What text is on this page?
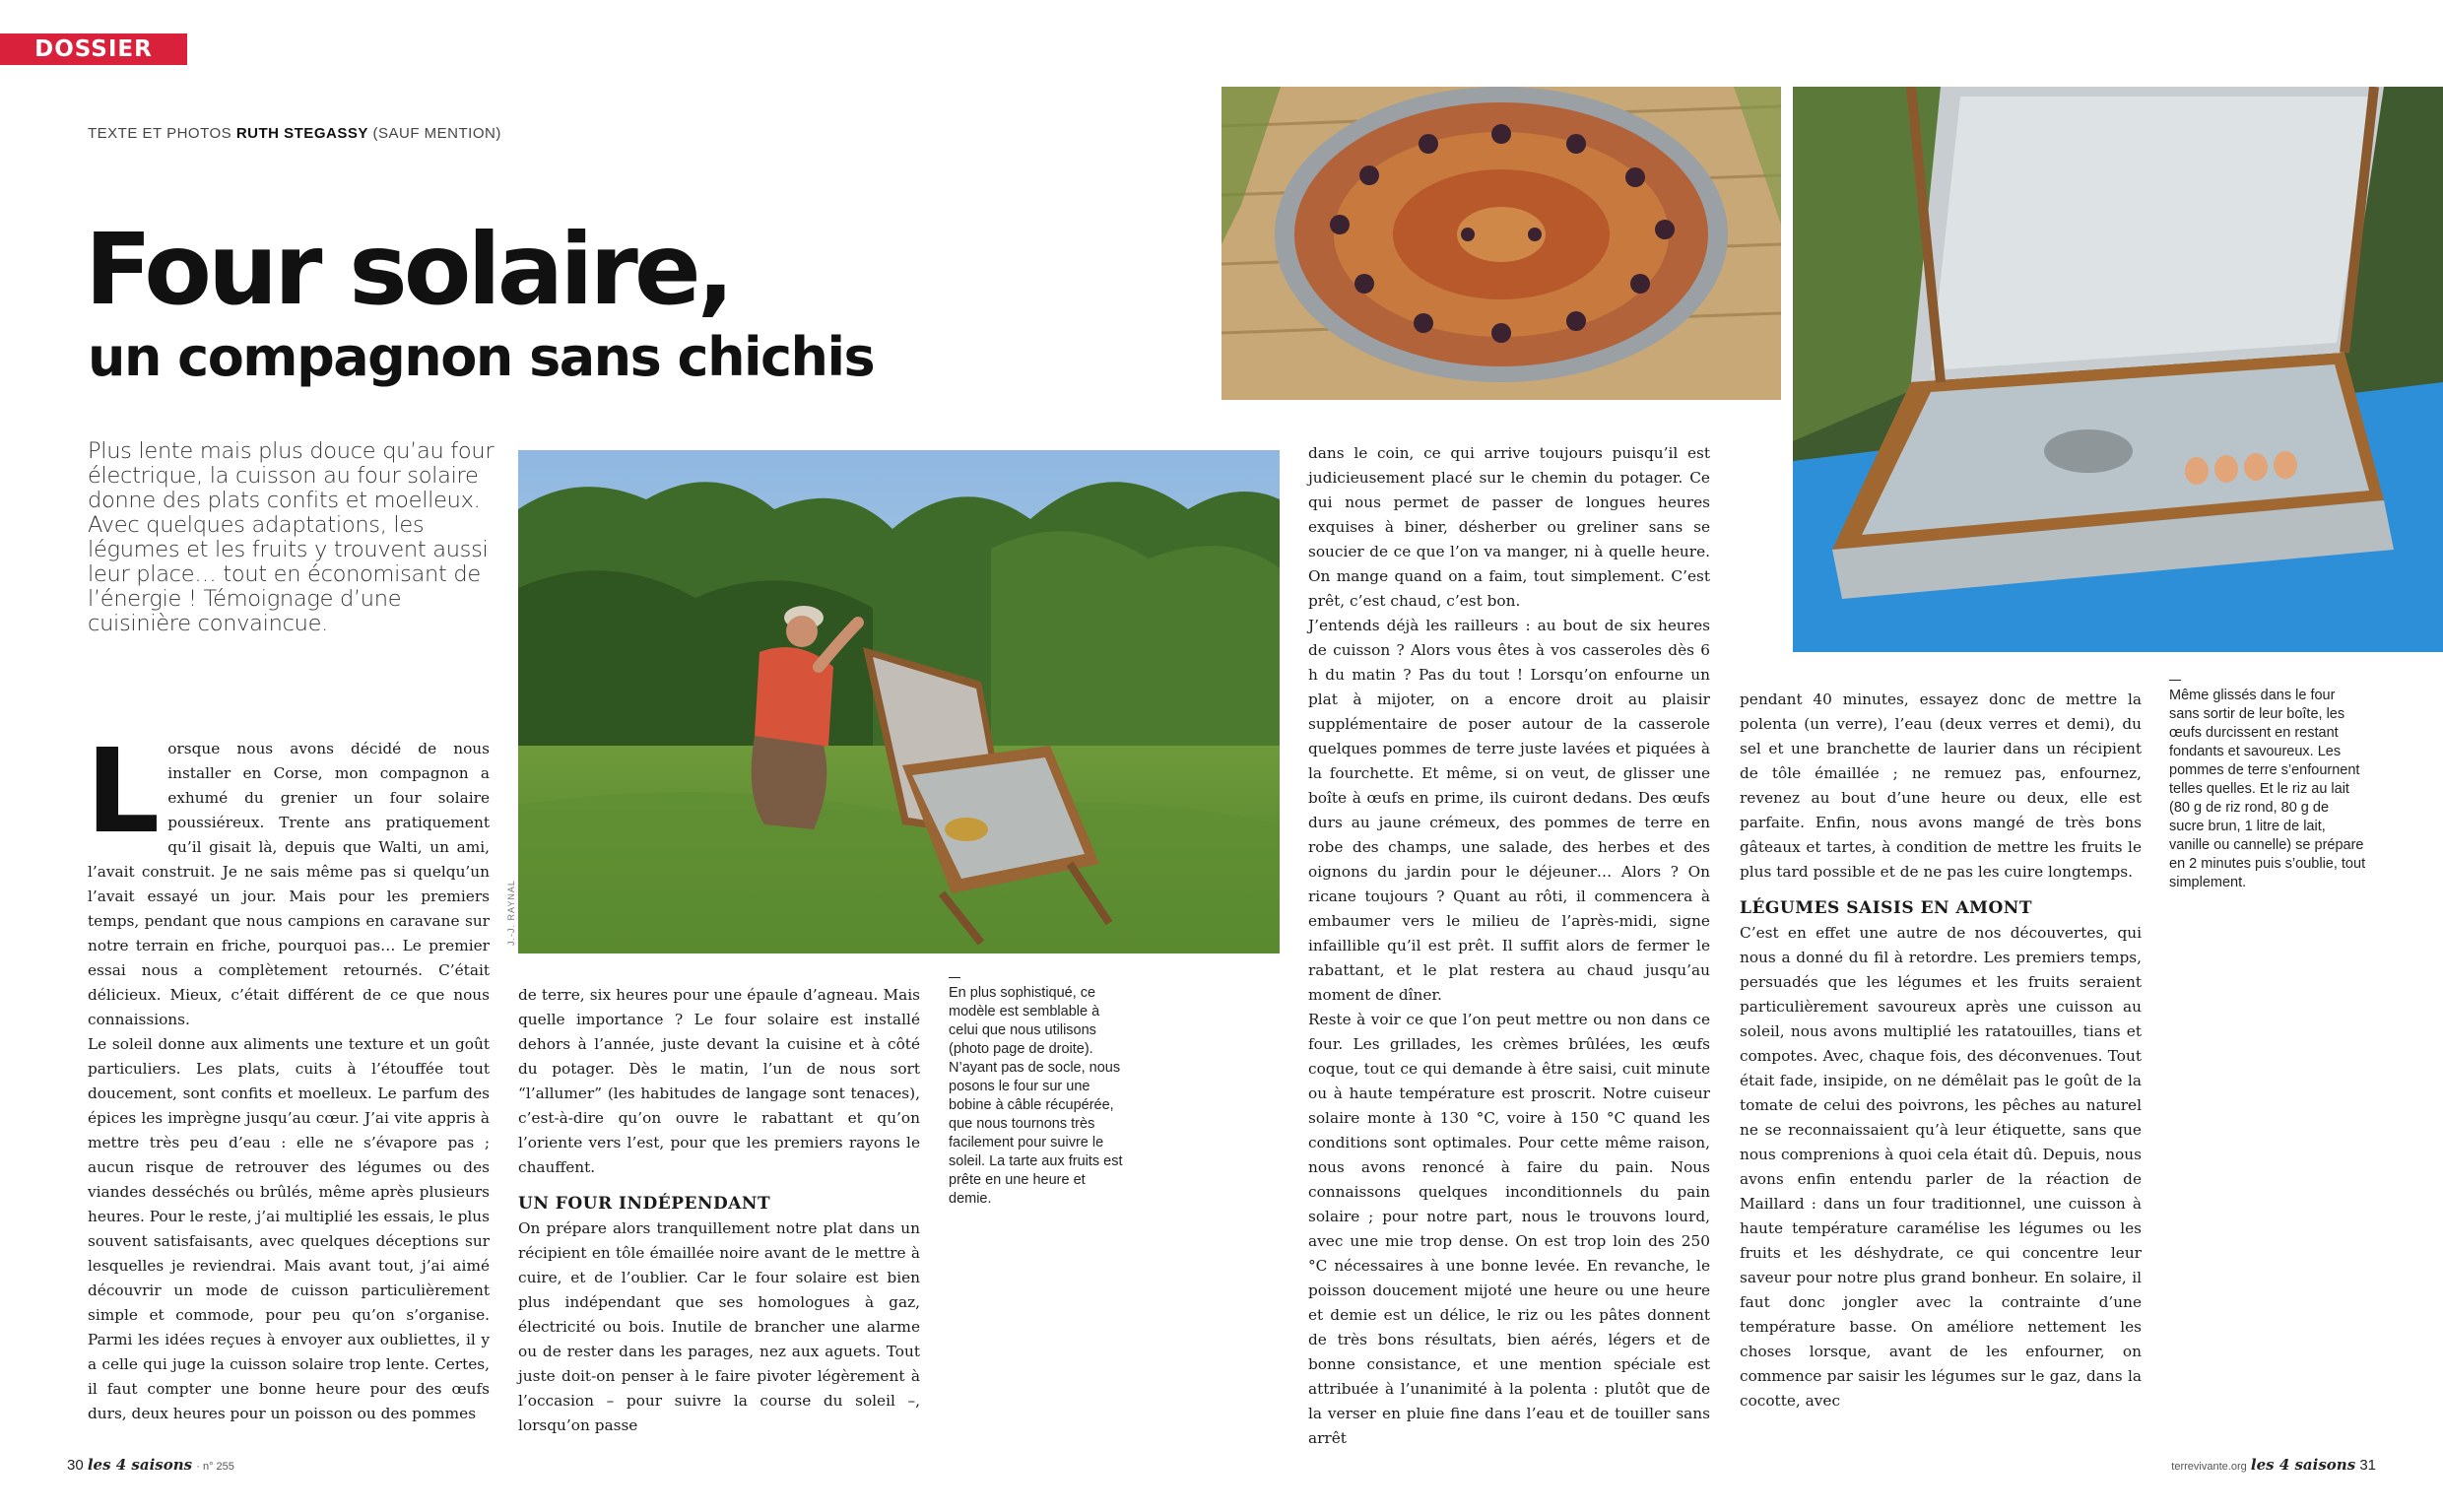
DOSSIER
TEXTE ET PHOTOS RUTH STEGASSY (SAUF MENTION)
Four solaire,
un compagnon sans chichis
Plus lente mais plus douce qu’au four électrique, la cuisson au four solaire donne des plats confits et moelleux. Avec quelques adaptations, les légumes et les fruits y trouvent aussi leur place… tout en économisant de l’énergie ! Témoignage d’une cuisinière convaincue.
J.-J. RAYNAL
L orsque nous avons décidé de nous installer en Corse, mon compagnon a exhumé du grenier un four solaire poussiéreux. Trente ans pratiquement qu’il gisait là, depuis que Walti, un ami, l’avait construit. Je ne sais même pas si quelqu’un l’avait essayé un jour. Mais pour les premiers temps, pendant que nous campions en caravane sur notre terrain en friche, pourquoi pas… Le premier essai nous a complètement retournés. C’était délicieux. Mieux, c’était différent de ce que nous connaissions.

Le soleil donne aux aliments une texture et un goût particuliers. Les plats, cuits à l’étouffée tout doucement, sont confits et moelleux. Le parfum des épices les imprègne jusqu’au cœur. J’ai vite appris à mettre très peu d’eau : elle ne s’évapore pas ; aucun risque de retrouver des légumes ou des viandes desséchés ou brûlés, même après plusieurs heures. Pour le reste, j’ai multiplié les essais, le plus souvent satisfaisants, avec quelques déceptions sur lesquelles je reviendrai. Mais avant tout, j’ai aimé découvrir un mode de cuisson particulièrement simple et commode, pour peu qu’on s’organise. Parmi les idées reçues à envoyer aux oubliettes, il y a celle qui juge la cuisson solaire trop lente. Certes, il faut compter une bonne heure pour des œufs durs, deux heures pour un poisson ou des pommes

de terre, six heures pour une épaule d’agneau. Mais quelle importance ? Le four solaire est installé dehors à l’année, juste devant la cuisine et à côté du potager. Dès le matin, l’un de nous sort “l’allumer” (les habitudes de langage sont tenaces), c’est-à-dire qu’on ouvre le rabattant et qu’on l’oriente vers l’est, pour que les premiers rayons le chauffent.

UN FOUR INDÉPENDANT

On prépare alors tranquillement notre plat dans un récipient en tôle émaillée noire avant de le mettre à cuire, et de l’oublier. Car le four solaire est bien plus indépendant que ses homologues à gaz, électricité ou bois. Inutile de brancher une alarme ou de rester dans les parages, nez aux aguets. Tout juste doit-on penser à le faire pivoter légèrement à l’occasion – pour suivre la course du soleil –, lorsqu’on passe

En plus sophistiqué, ce modèle est semblable à celui que nous utilisons (photo page de droite). N’ayant pas de socle, nous posons le four sur une bobine à câble récupérée, que nous tournons très facilement pour suivre le soleil. La tarte aux fruits est prête en une heure et demie.

dans le coin, ce qui arrive toujours puisqu’il est judicieusement placé sur le chemin du potager. Ce qui nous permet de passer de longues heures exquises à biner, désherber ou greliner sans se soucier de ce que l’on va manger, ni à quelle heure. On mange quand on a faim, tout simplement. C’est prêt, c’est chaud, c’est bon.

J’entends déjà les railleurs : au bout de six heures de cuisson ? Alors vous êtes à vos casseroles dès 6 h du matin ? Pas du tout ! Lorsqu’on enfourne un plat à mijoter, on a encore droit au plaisir supplémentaire de poser autour de la casserole quelques pommes de terre juste lavées et piquées à la fourchette. Et même, si on veut, de glisser une boîte à œufs en prime, ils cuiront dedans. Des œufs durs au jaune crémeux, des pommes de terre en robe des champs, une salade, des herbes et des oignons du jardin pour le déjeuner… Alors ? On ricane toujours ? Quant au rôti, il commencera à embaumer vers le milieu de l’après-midi, signe infaillible qu’il est prêt. Il suffit alors de fermer le rabattant, et le plat restera au chaud jusqu’au moment de dîner.

Reste à voir ce que l’on peut mettre ou non dans ce four. Les grillades, les crèmes brûlées, les œufs coque, tout ce qui demande à être saisi, cuit minute ou à haute température est proscrit. Notre cuiseur solaire monte à 130 °C, voire à 150 °C quand les conditions sont optimales. Pour cette même raison, nous avons renoncé à faire du pain. Nous connaissons quelques inconditionnels du pain solaire ; pour notre part, nous le trouvons lourd, avec une mie trop dense. On est trop loin des 250 °C nécessaires à une bonne levée. En revanche, le poisson doucement mijoté une heure ou une heure et demie est un délice, le riz ou les pâtes donnent de très bons résultats, bien aérés, légers et de bonne consistance, et une mention spéciale est attribuée à l’unanimité à la polenta : plutôt que de la verser en pluie fine dans l’eau et de touiller sans arrêt

pendant 40 minutes, essayez donc de mettre la polenta (un verre), l’eau (deux verres et demi), du sel et une branchette de laurier dans un récipient de tôle émaillée ; ne remuez pas, enfournez, revenez au bout d’une heure ou deux, elle est parfaite. Enfin, nous avons mangé de très bons gâteaux et tartes, à condition de mettre les fruits le plus tard possible et de ne pas les cuire longtemps.

LÉGUMES SAISIS EN AMONT

C’est en effet une autre de nos découvertes, qui nous a donné du fil à retordre. Les premiers temps, persuadés que les légumes et les fruits seraient particulièrement savoureux après une cuisson au soleil, nous avons multiplié les ratatouilles, tians et compotes. Avec, chaque fois, des déconvenues. Tout était fade, insipide, on ne démêlait pas le goût de la tomate de celui des poivrons, les pêches au naturel ne se reconnaissaient qu’à leur étiquette, sans que nous comprenions à quoi cela était dû. Depuis, nous avons enfin entendu parler de la réaction de Maillard : dans un four traditionnel, une cuisson à haute température caramélise les légumes ou les fruits et les déshydrate, ce qui concentre leur saveur pour notre plus grand bonheur. En solaire, il faut donc jongler avec la contrainte d’une température basse. On améliore nettement les choses lorsque, avant de les enfourner, on commence par saisir les légumes sur le gaz, dans la cocotte, avec

Même glissés dans le four sans sortir de leur boîte, les œufs durcissent en restant fondants et savoureux. Les pommes de terre s’enfournent telles quelles. Et le riz au lait (80 g de riz rond, 80 g de sucre brun, 1 litre de lait, vanille ou cannelle) se prépare en 2 minutes puis s’oublie, tout simplement.
30 les 4 saisons · n° 255	terrevivante.org les 4 saisons 31
